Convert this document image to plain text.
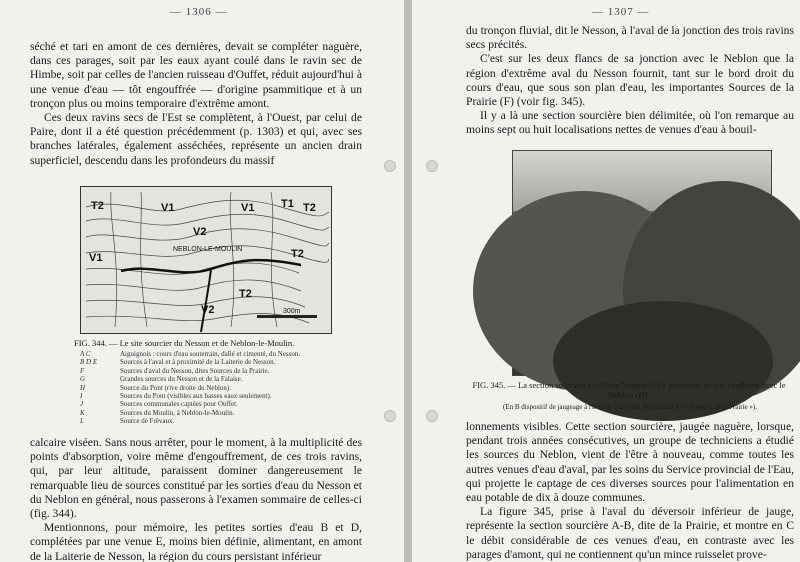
— 1306 —

séché et tari en amont de ces dernières, devait se compléter naguère, dans ces parages, soit par les eaux ayant coulé dans le ravin sec de Himbe, soit par celles de l'ancien ruisseau d'Ouffet, réduit aujourd'hui à une venue d'eau — tôt engouffrée — d'origine psammitique et à un tronçon plus ou moins temporaire d'extrême amont.

Ces deux ravins secs de l'Est se complètent, à l'Ouest, par celui de Paire, dont il a été question précédemment (p. 1303) et qui, avec ses branches latérales, également asséchées, représente un ancien drain superficiel, descendu dans les profondeurs du massif

T2	V1	V1 T1 T2
V1
V2
NEBLON-LE-MOULIN	T2
V2
T2
300m
FIG. 344. — Le site sourcier du Nesson et de Neblon-le-Moulin.
A C	Aiguignois : cours d'eau souterrain, dallé et cimenté, du Nesson.
B D E	Sources à l'aval et à proximité de la Laiterie de Nesson.
F	Sources d'aval du Nesson, dites Sources de la Prairie.
G	Grandes sources du Nesson et de la Falaise.
H	Source du Pont (rive droite du Neblon).
I	Sources du Pont (visibles aux basses eaux seulement).
J	Sources communales captées pour Ouffet.
K	Sources du Moulin, à Neblon-le-Moulin.
L	Source de Frèvaux.

calcaire viséen. Sans nous arrêter, pour le moment, à la multiplicité des points d'absorption, voire même d'engouffrement, de ces trois ravins, qui, par leur altitude, paraissent dominer dangereusement le remarquable lieu de sources constitué par les sorties d'eau du Nesson et du Neblon en général, nous passerons à l'examen sommaire de celles-ci (fig. 344).

Mentionnons, pour mémoire, les petites sorties d'eau B et D, complétées par une venue E, moins bien définie, alimentant, en amont de la Laiterie de Nesson, la région du cours persistant inférieur

— 1307 —

du tronçon fluvial, dit le Nesson, à l'aval de la jonction des trois ravins secs précités.

C'est sur les deux flancs de sa jonction avec le Neblon que la région d'extrême aval du Nesson fournit, tant sur le bord droit du cours d'eau, que sous son plan d'eau, les importantes Sources de la Prairie (F) (voir fig. 345).

Il y a là une section sourcière bien délimitée, où l'on remarque au moins sept ou huit localisations nettes de venues d'eau à bouil-

FIG. 345. — La section sourcière (A-B) du Nesson (C) à proximité de son confluent avec le Neblon (D).
(En B dispositif de jaugeage à l'aval de la section fournissant les « Sources de la Prairie »).

lonnements visibles. Cette section sourcière, jaugée naguère, lorsque, pendant trois années consécutives, un groupe de techniciens a étudié les sources du Neblon, vient de l'être à nouveau, comme toutes les autres venues d'eau d'aval, par les soins du Service provincial de l'Eau, qui projette le captage de ces diverses sources pour l'alimentation en eau potable de dix à douze communes.

La figure 345, prise à l'aval du déversoir inférieur de jauge, représente la section sourcière A-B, dite de la Prairie, et montre en C le débit considérable de ces venues d'eau, en contraste avec les parages d'amont, qui ne contiennent qu'un mince ruisselet prove-
